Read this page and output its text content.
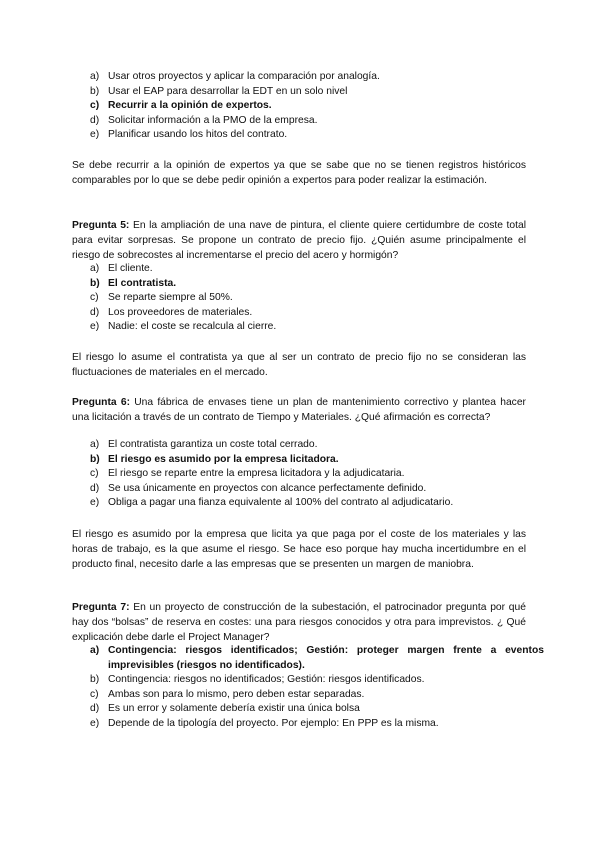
a) Usar otros proyectos y aplicar la comparación por analogía.
b) Usar el EAP para desarrollar la EDT en un solo nivel
c) Recurrir a la opinión de expertos.
d) Solicitar información a la PMO de la empresa.
e) Planificar usando los hitos del contrato.

Se debe recurrir a la opinión de expertos ya que se sabe que no se tienen registros históricos comparables por lo que se debe pedir opinión a expertos para poder realizar la estimación.

Pregunta 5: En la ampliación de una nave de pintura, el cliente quiere certidumbre de coste total para evitar sorpresas. Se propone un contrato de precio fijo. ¿Quién asume principalmente el riesgo de sobrecostes al incrementarse el precio del acero y hormigón?

a) El cliente.
b) El contratista.
c) Se reparte siempre al 50%.
d) Los proveedores de materiales.
e) Nadie: el coste se recalcula al cierre.

El riesgo lo asume el contratista ya que al ser un contrato de precio fijo no se consideran las fluctuaciones de materiales en el mercado.

Pregunta 6: Una fábrica de envases tiene un plan de mantenimiento correctivo y plantea hacer una licitación a través de un contrato de Tiempo y Materiales. ¿Qué afirmación es correcta?

a) El contratista garantiza un coste total cerrado.
b) El riesgo es asumido por la empresa licitadora.
c) El riesgo se reparte entre la empresa licitadora y la adjudicataria.
d) Se usa únicamente en proyectos con alcance perfectamente definido.
e) Obliga a pagar una fianza equivalente al 100% del contrato al adjudicatario.

El riesgo es asumido por la empresa que licita ya que paga por el coste de los materiales y las horas de trabajo, es la que asume el riesgo. Se hace eso porque hay mucha incertidumbre en el producto final, necesito darle a las empresas que se presenten un margen de maniobra.

Pregunta 7: En un proyecto de construcción de la subestación, el patrocinador pregunta por qué hay dos “bolsas” de reserva en costes: una para riesgos conocidos y otra para imprevistos. ¿ Qué explicación debe darle el Project Manager?

a) Contingencia: riesgos identificados; Gestión: proteger margen frente a eventos imprevisibles (riesgos no identificados).
b) Contingencia: riesgos no identificados; Gestión: riesgos identificados.
c) Ambas son para lo mismo, pero deben estar separadas.
d) Es un error y solamente debería existir una única bolsa
e) Depende de la tipología del proyecto. Por ejemplo: En PPP es la misma.
